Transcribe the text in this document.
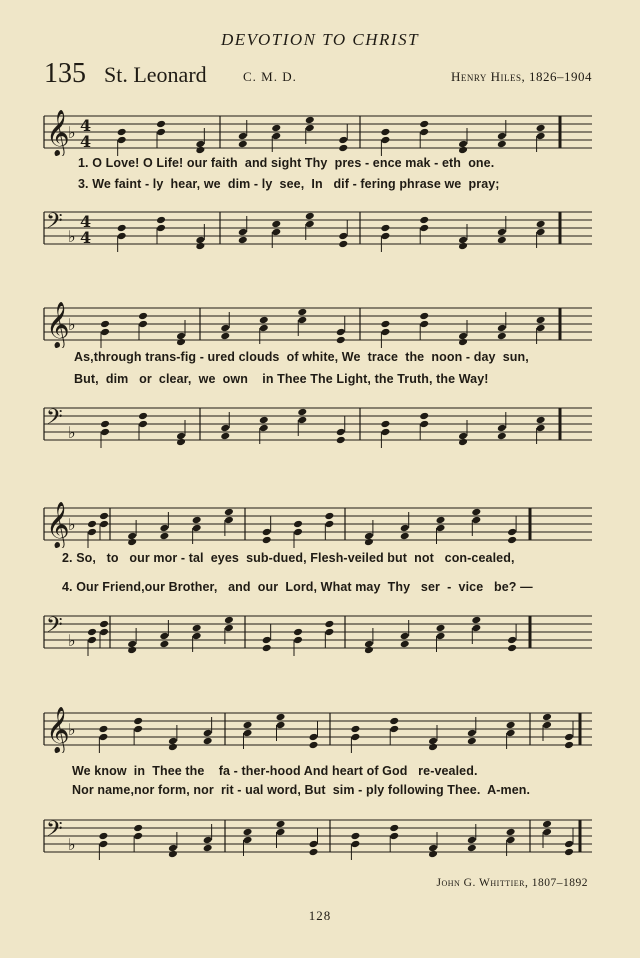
DEVOTION TO CHRIST
135 St. Leonard	C. M. D.	Henry Hiles, 1826–1904
𝄞
♭ 4
4
1. O Love! O Life! our faith  and sight Thy  pres - ence mak - eth  one.
3. We faint - ly  hear, we  dim - ly  see,  In   dif - fering phrase we  pray;
𝄢 ♭
4
4
𝄞
♭
As,through trans-fig - ured clouds  of white, We  trace  the  noon - day  sun,
But,  dim   or  clear,  we  own    in Thee The Light, the Truth, the Way!
𝄢 ♭
𝄞
♭
2. So,   to   our mor - tal  eyes  sub-dued, Flesh-veiled but  not   con-cealed,
4. Our Friend,our Brother,   and  our  Lord, What may  Thy   ser  -  vice   be? —
𝄢 ♭
𝄞
♭
We know  in  Thee the    fa - ther-hood And heart of God   re-vealed.
Nor name,nor form, nor  rit - ual word, But  sim - ply following Thee.  A-men.
𝄢 ♭
John G. Whittier, 1807–1892
128
